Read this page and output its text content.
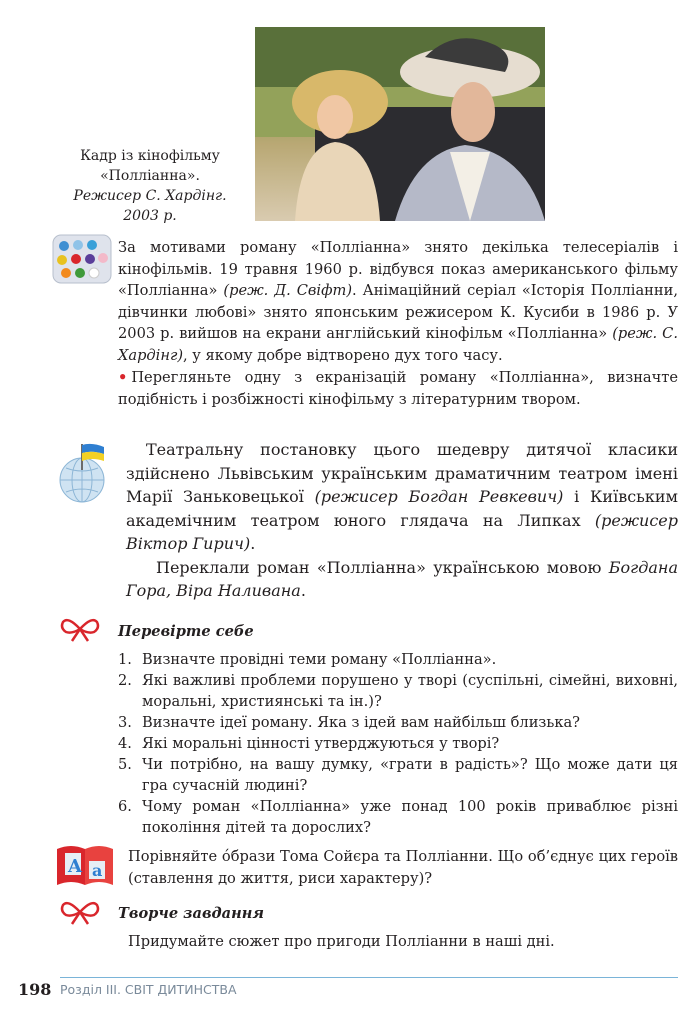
Кадр із кінофільму
«Поллiанна».
Режисер С. Хардінг.
2003 р.
За мотивами роману «Полліанна» знято декілька телесеріалів і кінофільмів. 19 травня 1960 р. відбувся показ американського фільму «Полліанна» (реж. Д. Свіфт). Анімаційний серіал «Історія Полліанни, дівчинки любові» знято японським режисером К. Кусиби в 1986 р. У 2003 р. вийшов на екрани англійський кінофільм «Полліанна» (реж. С. Хардінг), у якому добре відтворено дух того часу.
• Перегляньте одну з екранізацій роману «Полліанна», визначте подібність і розбіжності кінофільму з літературним твором.

Театральну постановку цього шедевру дитячої класики здійснено Львівським українським драматичним театром імені Марії Заньковецької (режисер Богдан Ревкевич) і Київським академічним театром юного глядача на Липках (режисер Віктор Гирич).

Переклали роман «Полліанна» українською мовою Богдана Гора, Віра Наливана.

Перевірте себе
1. Визначте провідні теми роману «Полліанна».
2. Які важливі проблеми порушено у творі (суспільні, сімейні, виховні, моральні, християнські та ін.)?
3. Визначте ідеї роману. Яка з ідей вам найбільш близька?
4. Які моральні цінності утверджуються у творі?
5. Чи потрібно, на вашу думку, «грати в радість»? Що може дати ця гра сучасній людині?
6. Чому роман «Полліанна» уже понад 100 років приваблює різні покоління дітей та дорослих?
A a
Порівняйте óбрази Тома Сойєра та Полліанни. Що об’єднує цих героїв (ставлення до життя, риси характеру)?
Творче завдання
Придумайте сюжет про пригоди Полліанни в наші дні.
198 Розділ III. СВІТ ДИТИНСТВА
